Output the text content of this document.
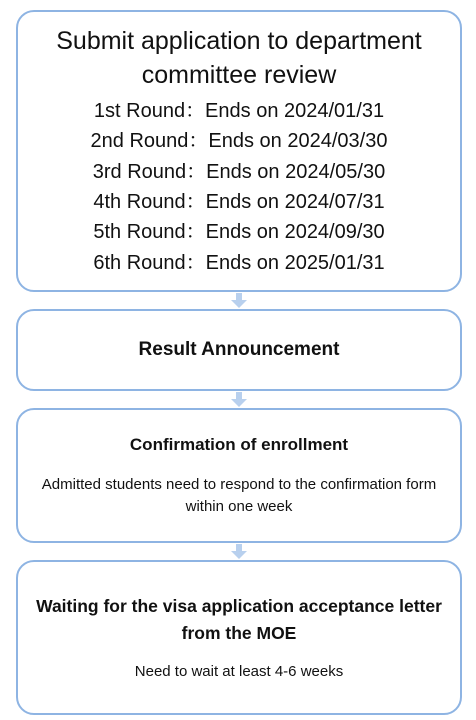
Submit application to department committee review
1st Round：Ends on 2024/01/31
2nd Round：Ends on 2024/03/30
3rd Round：Ends on 2024/05/30
4th Round：Ends on 2024/07/31
5th Round：Ends on 2024/09/30
6th Round：Ends on 2025/01/31
Result Announcement
Confirmation of enrollment
Admitted students need to respond to the confirmation form within one week
Waiting for the visa application acceptance letter from the MOE
Need to wait at least 4-6 weeks
